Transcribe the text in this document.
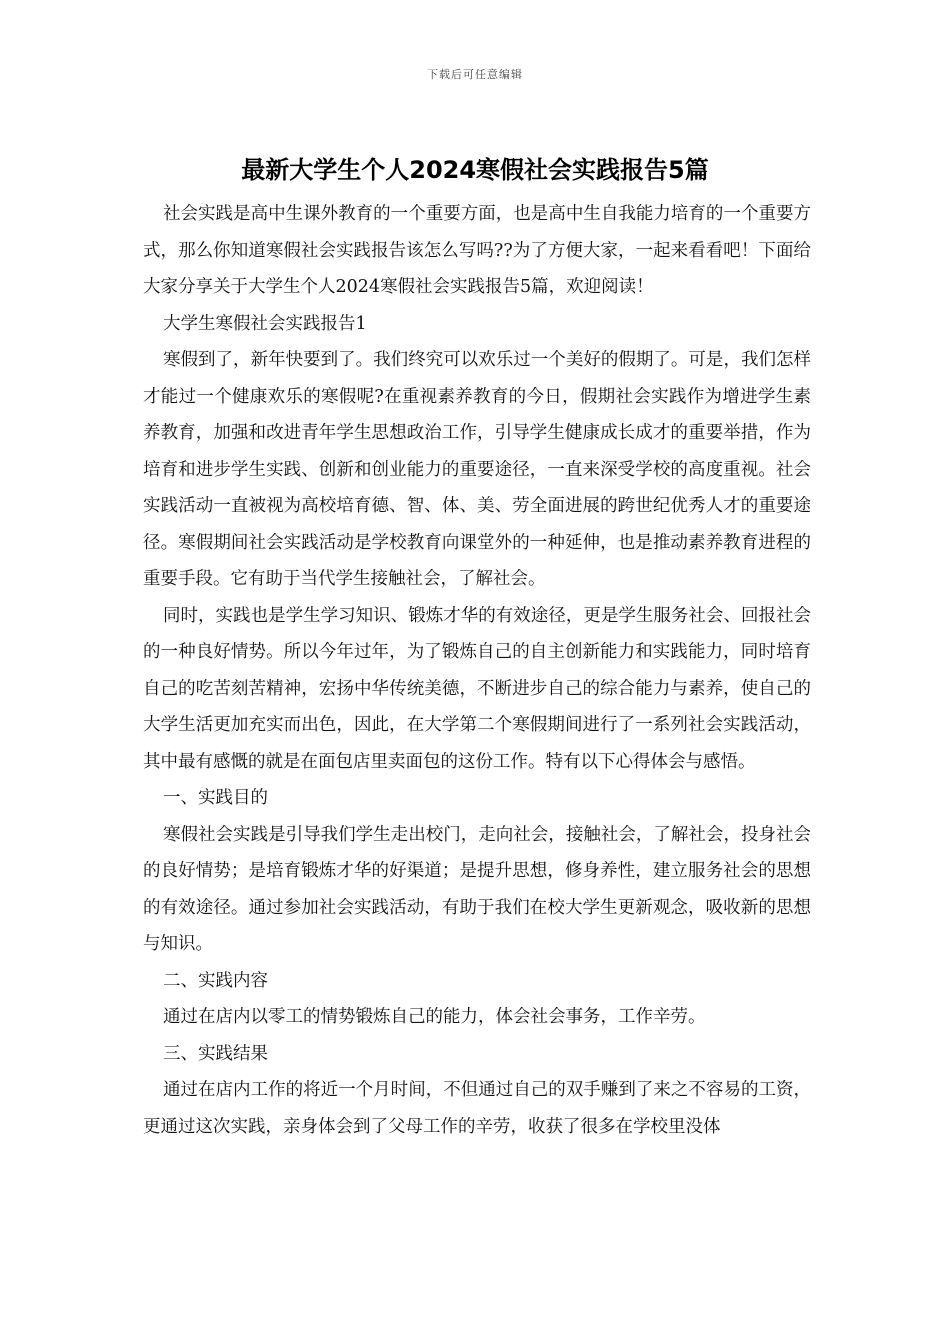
下载后可任意编辑
最新大学生个人2024寒假社会实践报告5篇

社会实践是高中生课外教育的一个重要方面，也是高中生自我能力培育的一个重要方式，那么你知道寒假社会实践报告该怎么写吗??为了方便大家，一起来看看吧！下面给大家分享关于大学生个人2024寒假社会实践报告5篇，欢迎阅读！

大学生寒假社会实践报告1

寒假到了，新年快要到了。我们终究可以欢乐过一个美好的假期了。可是，我们怎样才能过一个健康欢乐的寒假呢?在重视素养教育的今日，假期社会实践作为增进学生素养教育，加强和改进青年学生思想政治工作，引导学生健康成长成才的重要举措，作为培育和进步学生实践、创新和创业能力的重要途径，一直来深受学校的高度重视。社会实践活动一直被视为高校培育德、智、体、美、劳全面进展的跨世纪优秀人才的重要途径。寒假期间社会实践活动是学校教育向课堂外的一种延伸，也是推动素养教育进程的重要手段。它有助于当代学生接触社会，了解社会。

同时，实践也是学生学习知识、锻炼才华的有效途径，更是学生服务社会、回报社会的一种良好情势。所以今年过年，为了锻炼自己的自主创新能力和实践能力，同时培育自己的吃苦刻苦精神，宏扬中华传统美德，不断进步自己的综合能力与素养，使自己的大学生活更加充实而出色，因此，在大学第二个寒假期间进行了一系列社会实践活动，其中最有感慨的就是在面包店里卖面包的这份工作。特有以下心得体会与感悟。

一、实践目的

寒假社会实践是引导我们学生走出校门，走向社会，接触社会，了解社会，投身社会的良好情势；是培育锻炼才华的好渠道；是提升思想，修身养性，建立服务社会的思想的有效途径。通过参加社会实践活动，有助于我们在校大学生更新观念，吸收新的思想与知识。

二、实践内容

通过在店内以零工的情势锻炼自己的能力，体会社会事务，工作辛劳。

三、实践结果

通过在店内工作的将近一个月时间，不但通过自己的双手赚到了来之不容易的工资，更通过这次实践，亲身体会到了父母工作的辛劳，收获了很多在学校里没体
